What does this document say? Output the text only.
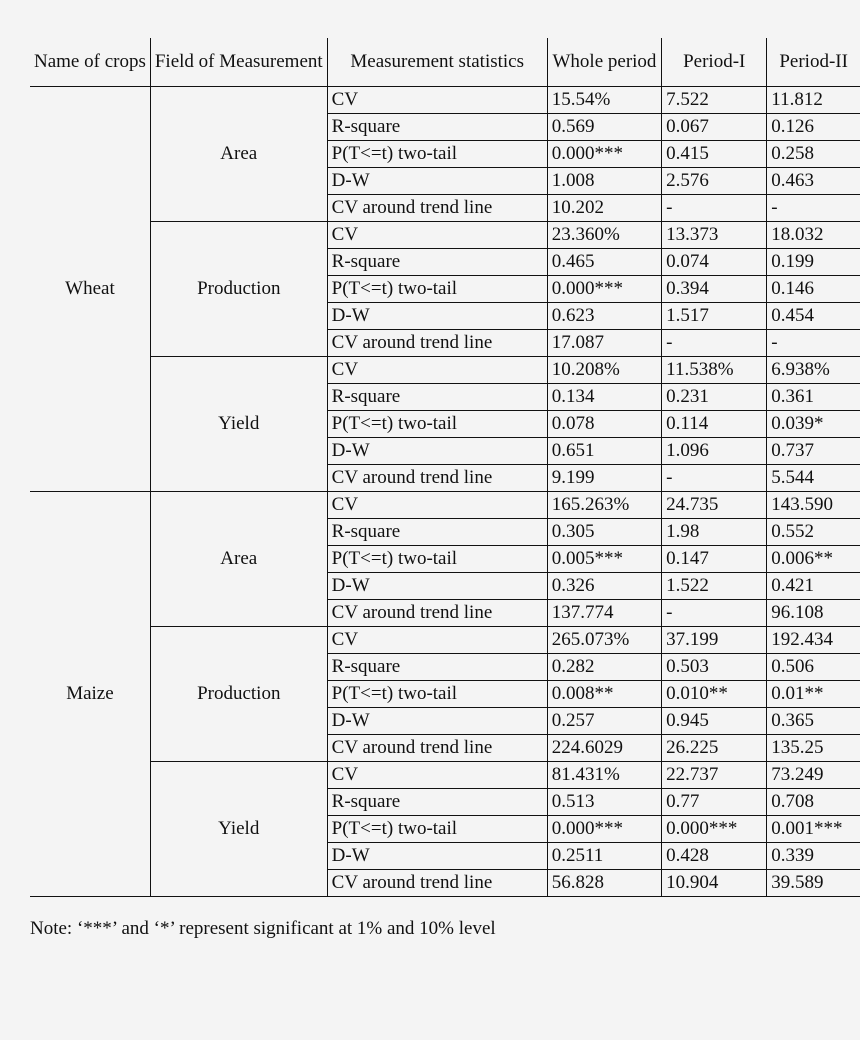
Name of crops	Field of Measurement	Measurement statistics	Whole period	Period-I	Period-II
Wheat	Area	CV	15.54%	7.522	11.812
		R-square	0.569	0.067	0.126
		P(T<=t) two-tail	0.000***	0.415	0.258
		D-W	1.008	2.576	0.463
		CV around trend line	10.202	-	-
	Production	CV	23.360%	13.373	18.032
		R-square	0.465	0.074	0.199
		P(T<=t) two-tail	0.000***	0.394	0.146
		D-W	0.623	1.517	0.454
		CV around trend line	17.087	-	-
	Yield	CV	10.208%	11.538%	6.938%
		R-square	0.134	0.231	0.361
		P(T<=t) two-tail	0.078	0.114	0.039*
		D-W	0.651	1.096	0.737
		CV around trend line	9.199	-	5.544
Maize	Area	CV	165.263%	24.735	143.590
		R-square	0.305	1.98	0.552
		P(T<=t) two-tail	0.005***	0.147	0.006**
		D-W	0.326	1.522	0.421
		CV around trend line	137.774	-	96.108
	Production	CV	265.073%	37.199	192.434
		R-square	0.282	0.503	0.506
		P(T<=t) two-tail	0.008**	0.010**	0.01**
		D-W	0.257	0.945	0.365
		CV around trend line	224.6029	26.225	135.25
	Yield	CV	81.431%	22.737	73.249
		R-square	0.513	0.77	0.708
		P(T<=t) two-tail	0.000***	0.000***	0.001***
		D-W	0.2511	0.428	0.339
		CV around trend line	56.828	10.904	39.589
Note: ‘***’ and ‘*’ represent significant at 1% and 10% level
